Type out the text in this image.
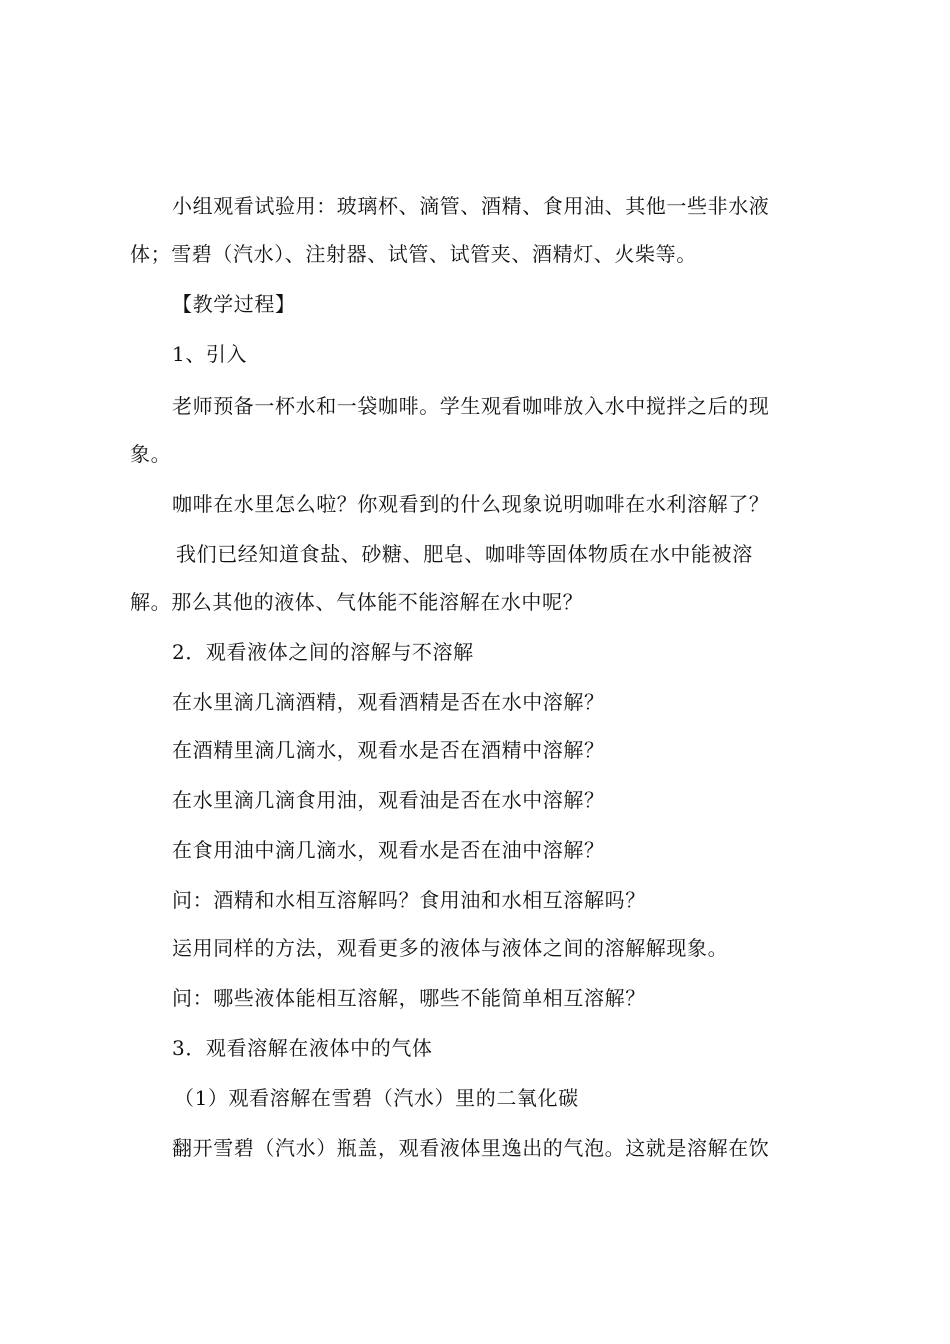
小组观看试验用：玻璃杯、滴管、酒精、食用油、其他一些非水液
体；雪碧（汽水）、注射器、试管、试管夹、酒精灯、火柴等。
【教学过程】
1、引入
老师预备一杯水和一袋咖啡。学生观看咖啡放入水中搅拌之后的现
象。
咖啡在水里怎么啦？你观看到的什么现象说明咖啡在水利溶解了？
我们已经知道食盐、砂糖、肥皂、咖啡等固体物质在水中能被溶
解。那么其他的液体、气体能不能溶解在水中呢？
2．观看液体之间的溶解与不溶解
在水里滴几滴酒精，观看酒精是否在水中溶解？
在酒精里滴几滴水，观看水是否在酒精中溶解？
在水里滴几滴食用油，观看油是否在水中溶解？
在食用油中滴几滴水，观看水是否在油中溶解？
问：酒精和水相互溶解吗？食用油和水相互溶解吗？
运用同样的方法，观看更多的液体与液体之间的溶解解现象。
问：哪些液体能相互溶解，哪些不能简单相互溶解？
3．观看溶解在液体中的气体
（1）观看溶解在雪碧（汽水）里的二氧化碳
翻开雪碧（汽水）瓶盖，观看液体里逸出的气泡。这就是溶解在饮
